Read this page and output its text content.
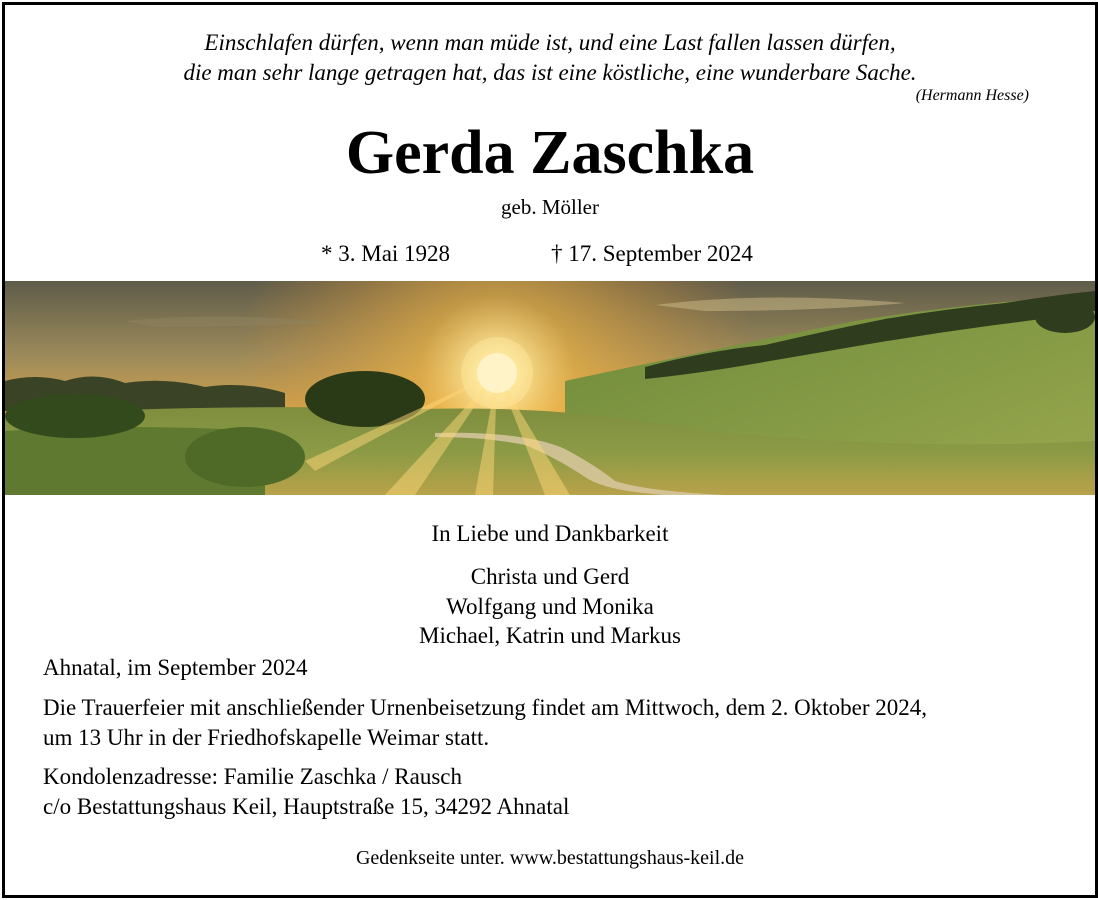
Einschlafen dürfen, wenn man müde ist, und eine Last fallen lassen dürfen,
die man sehr lange getragen hat, das ist eine köstliche, eine wunderbare Sache.
(Hermann Hesse)
Gerda Zaschka
geb. Möller
* 3. Mai 1928	† 17. September 2024
In Liebe und Dankbarkeit
Christa und Gerd
Wolfgang und Monika
Michael, Katrin und Markus
Ahnatal, im September 2024
Die Trauerfeier mit anschließender Urnenbeisetzung findet am Mittwoch, dem 2. Oktober 2024,
um 13 Uhr in der Friedhofskapelle Weimar statt.
Kondolenzadresse: Familie Zaschka / Rausch
c/o Bestattungshaus Keil, Hauptstraße 15, 34292 Ahnatal
Gedenkseite unter. www.bestattungshaus-keil.de
